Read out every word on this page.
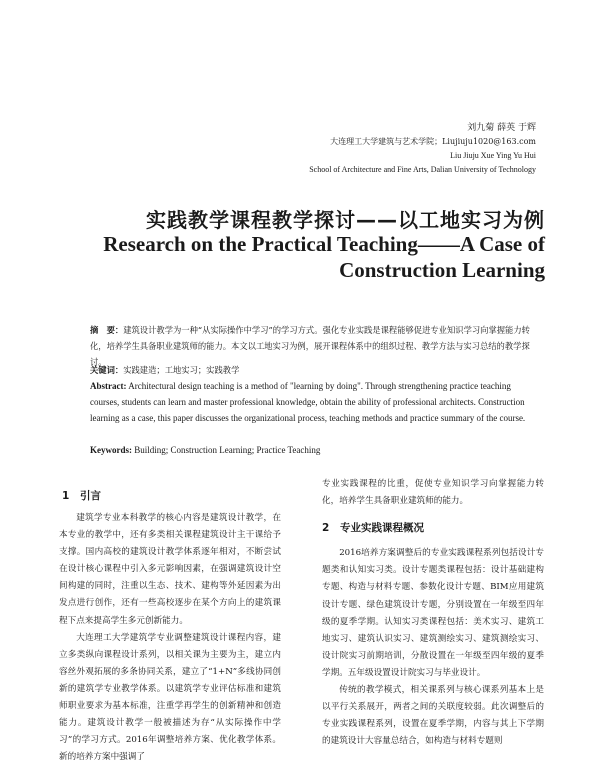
刘九菊 薛英 于辉
大连理工大学建筑与艺术学院；Liujiuju1020@163.com
Liu Jiuju Xue Ying Yu Hui
School of Architecture and Fine Arts, Dalian University of Technology
实践教学课程教学探讨——以工地实习为例
Research on the Practical Teaching——A Case of
Construction Learning
摘　要：建筑设计教学为一种“从实际操作中学习”的学习方式。强化专业实践是课程能够促进专业知识学习向掌握能力转化，培养学生具备职业建筑师的能力。本文以工地实习为例，展开课程体系中的组织过程、教学方法与实习总结的教学探讨。
关键词：实践建造；工地实习；实践教学
Abstract: Architectural design teaching is a method of "learning by doing". Through strengthening practice teaching courses, students can learn and master professional knowledge, obtain the ability of professional architects. Construction learning as a case, this paper discusses the organizational process, teaching methods and practice summary of the course.
Keywords: Building; Construction Learning; Practice Teaching
1 引言

建筑学专业本科教学的核心内容是建筑设计教学，在本专业的教学中，还有多类相关课程建筑设计主干课给予支撑。国内高校的建筑设计教学体系逐年相对，不断尝试在设计核心课程中引入多元影响因素，在强调建筑设计空间构建的同时，注重以生态、技术、建构等外延因素为出发点进行创作，还有一些高校逐步在某个方向上的建筑课程下点来提高学生多元创新能力。

大连理工大学建筑学专业调整建筑设计课程内容，建立多类纵向课程设计系列，以相关课为主要为主，建立内容丝外观拓展的多条协同关系，建立了“1+N”多线协同创新的建筑学专业教学体系。以建筑学专业评估标准和建筑师职业要求为基本标准，注重学再学生的创新精神和创造能力。建筑设计教学一般被描述为存“从实际操作中学习”的学习方式。2016年调整培养方案、优化教学体系。新的培养方案中强调了

专业实践课程的比重，促使专业知识学习向掌握能力转化，培养学生具备职业建筑师的能力。

2 专业实践课程概况

2016培养方案调整后的专业实践课程系列包括设计专题类和认知实习类。设计专题类课程包括：设计基础建构专题、构造与材料专题、参数化设计专题、BIM应用建筑设计专题、绿色建筑设计专题，分别设置在一年级至四年级的夏季学期。认知实习类课程包括：美术实习、建筑工地实习、建筑认识实习、建筑测绘实习、建筑测绘实习、设计院实习前期培训，分散设置在一年级至四年级的夏季学期。五年级设置设计院实习与毕业设计。

传统的教学模式，相关课系列与核心课系列基本上是以平行关系展开，两者之间的关联度较弱。此次调整后的专业实践课程系列，设置在夏季学期，内容与其上下学期的建筑设计大容量总结合，如构造与材料专题则
